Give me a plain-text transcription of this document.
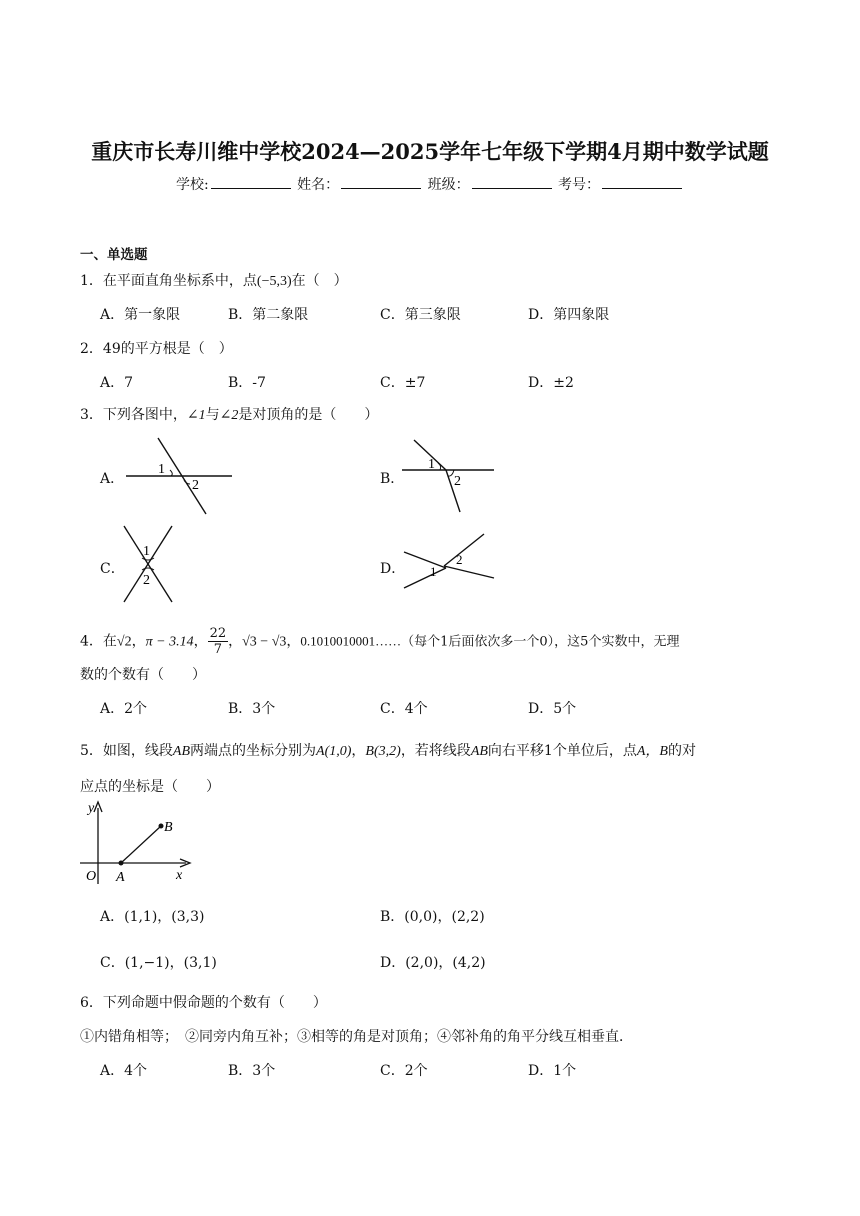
重庆市长寿川维中学校2024—2025学年七年级下学期4月期中数学试题
学校:	姓名：	班级：	考号：
一、单选题
1．在平面直角坐标系中，点(−5,3)在（　）
A．第一象限	B．第二象限	C．第三象限	D．第四象限
2．49的平方根是（　）
A．7	B．-7	C．±7	D．±2
3．下列各图中，∠1与∠2是对顶角的是（　　）
A．
1
2	B．
1
2
C．
1
2
D． 1
2
4．在√2，π − 3.14， $\frac{22}{7}$ ，√3 − √3，0.1010010001……（每个1后面依次多一个0），这5个实数中，无理
数的个数有（　　）
A．2个	B．3个	C．4个	D．5个
5．如图，线段AB两端点的坐标分别为A(1,0)，B(3,2)，若将线段AB向右平移1个单位后，点A，B的对
应点的坐标是（　　）
y
x
O A
B
A．(1,1)，(3,3)	B．(0,0)，(2,2)
C．(1,−1)，(3,1)	D．(2,0)，(4,2)
6．下列命题中假命题的个数有（　　）
①内错角相等；　②同旁内角互补；③相等的角是对顶角；④邻补角的角平分线互相垂直．
A．4个	B．3个	C．2个	D．1个
